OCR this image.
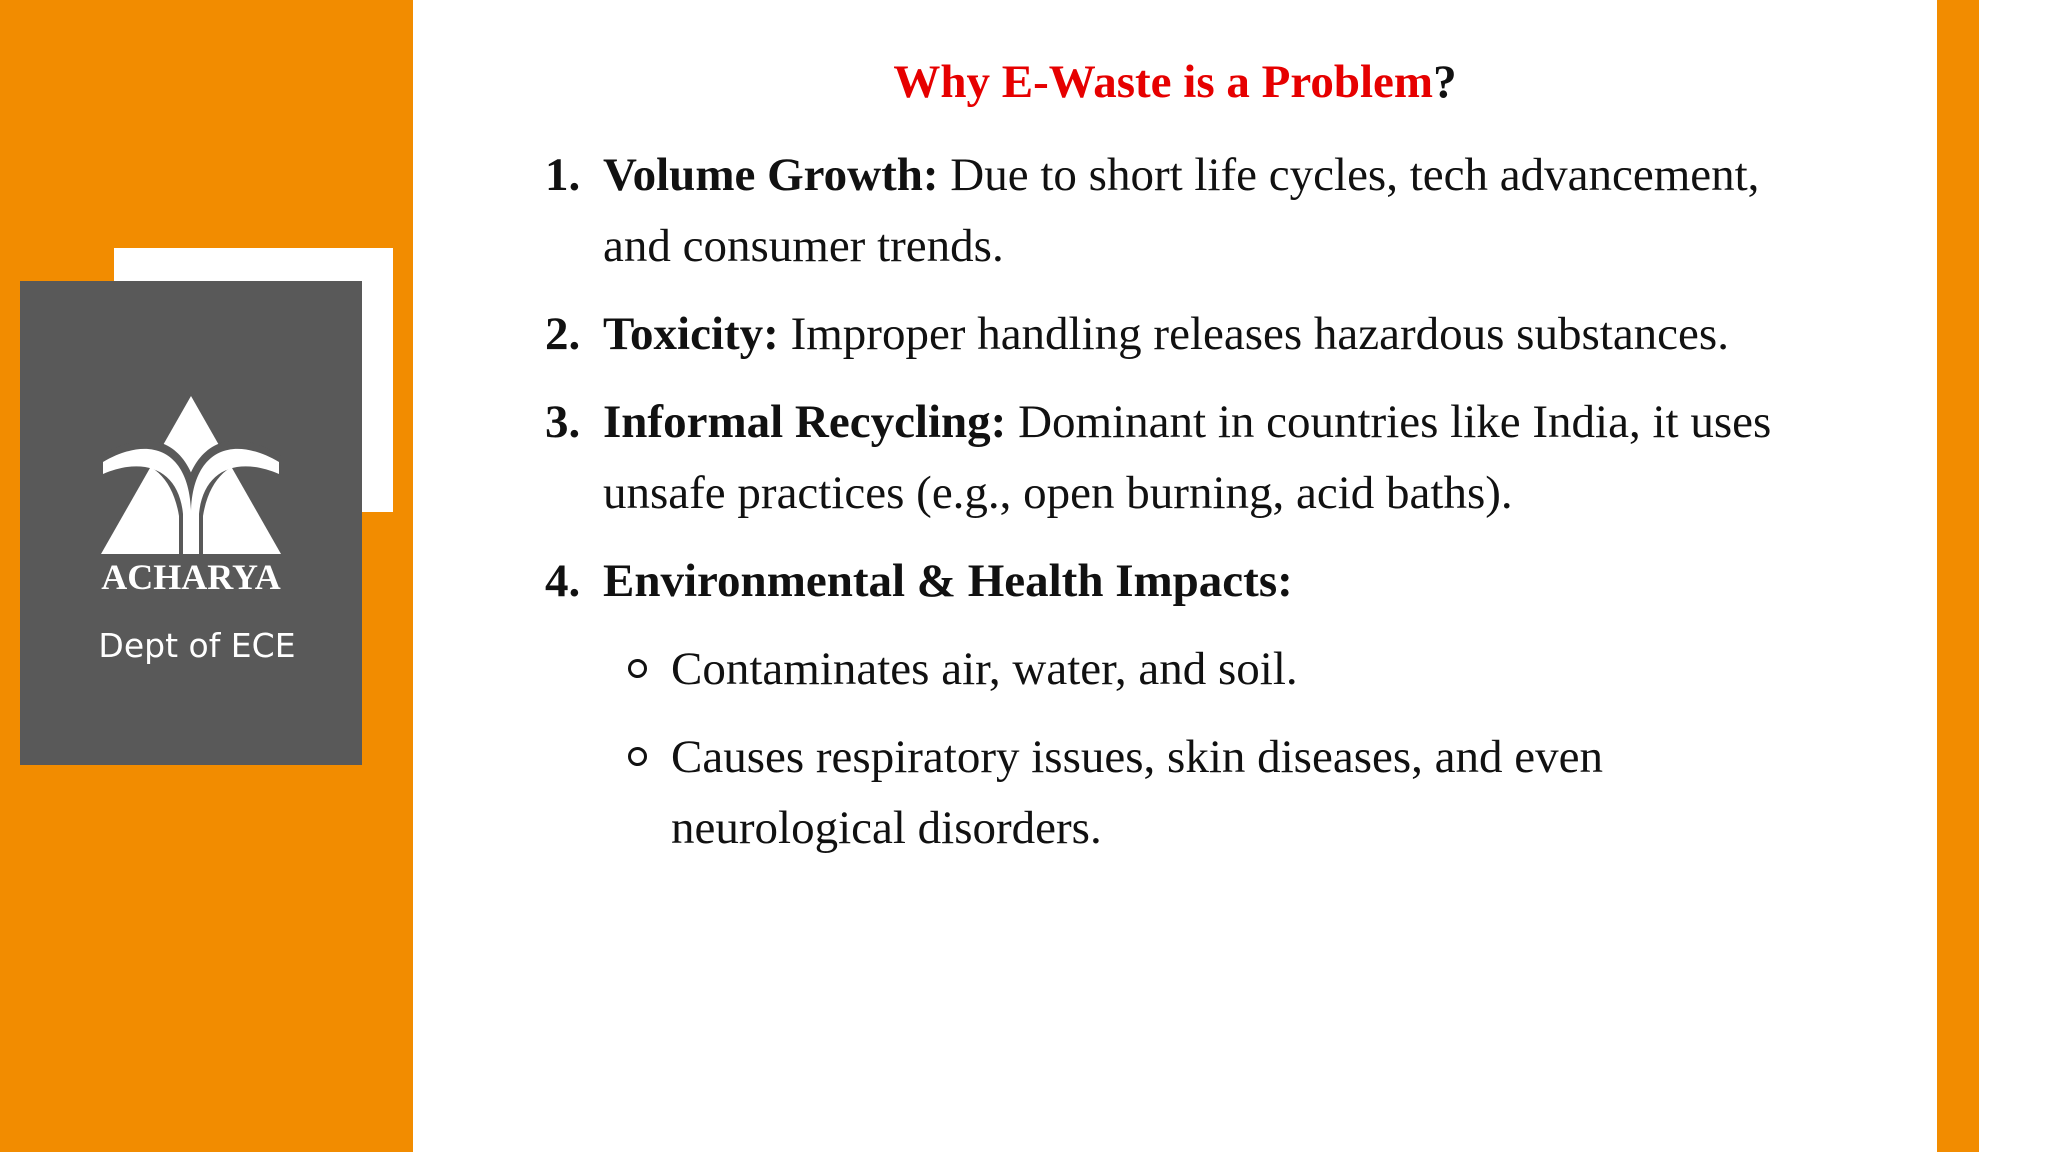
ACHARYA
Dept of ECE
Why E-Waste is a Problem?
1. Volume Growth: Due to short life cycles, tech advancement, and consumer trends.
2. Toxicity: Improper handling releases hazardous substances.
3. Informal Recycling: Dominant in countries like India, it uses unsafe practices (e.g., open burning, acid baths).
4. Environmental & Health Impacts:
Contaminates air, water, and soil.
Causes respiratory issues, skin diseases, and even neurological disorders.
